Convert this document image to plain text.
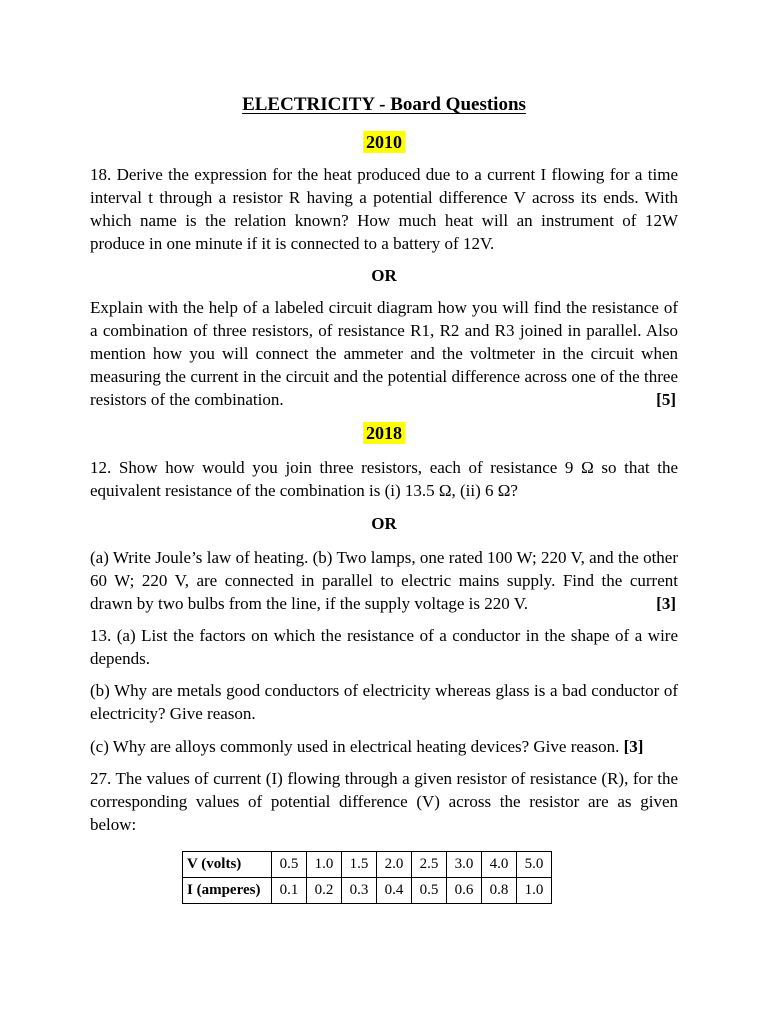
ELECTRICITY - Board Questions
2010
18. Derive the expression for the heat produced due to a current I flowing for a time interval t through a resistor R having a potential difference V across its ends. With which name is the relation known? How much heat will an instrument of 12W produce in one minute if it is connected to a battery of 12V.
OR
Explain with the help of a labeled circuit diagram how you will find the resistance of a combination of three resistors, of resistance R1, R2 and R3 joined in parallel. Also mention how you will connect the ammeter and the voltmeter in the circuit when measuring the current in the circuit and the potential difference across one of the three resistors of the combination.	[5]
2018
12. Show how would you join three resistors, each of resistance 9 Ω so that the equivalent resistance of the combination is (i) 13.5 Ω, (ii) 6 Ω?
OR
(a) Write Joule’s law of heating. (b) Two lamps, one rated 100 W; 220 V, and the other 60 W; 220 V, are connected in parallel to electric mains supply. Find the current drawn by two bulbs from the line, if the supply voltage is 220 V.	[3]
13. (a) List the factors on which the resistance of a conductor in the shape of a wire depends.
(b) Why are metals good conductors of electricity whereas glass is a bad conductor of electricity? Give reason.
(c) Why are alloys commonly used in electrical heating devices? Give reason. [3]
27. The values of current (I) flowing through a given resistor of resistance (R), for the corresponding values of potential difference (V) across the resistor are as given below:
V (volts)	0.5	1.0	1.5	2.0	2.5	3.0	4.0	5.0
I (amperes)	0.1	0.2	0.3	0.4	0.5	0.6	0.8	1.0
